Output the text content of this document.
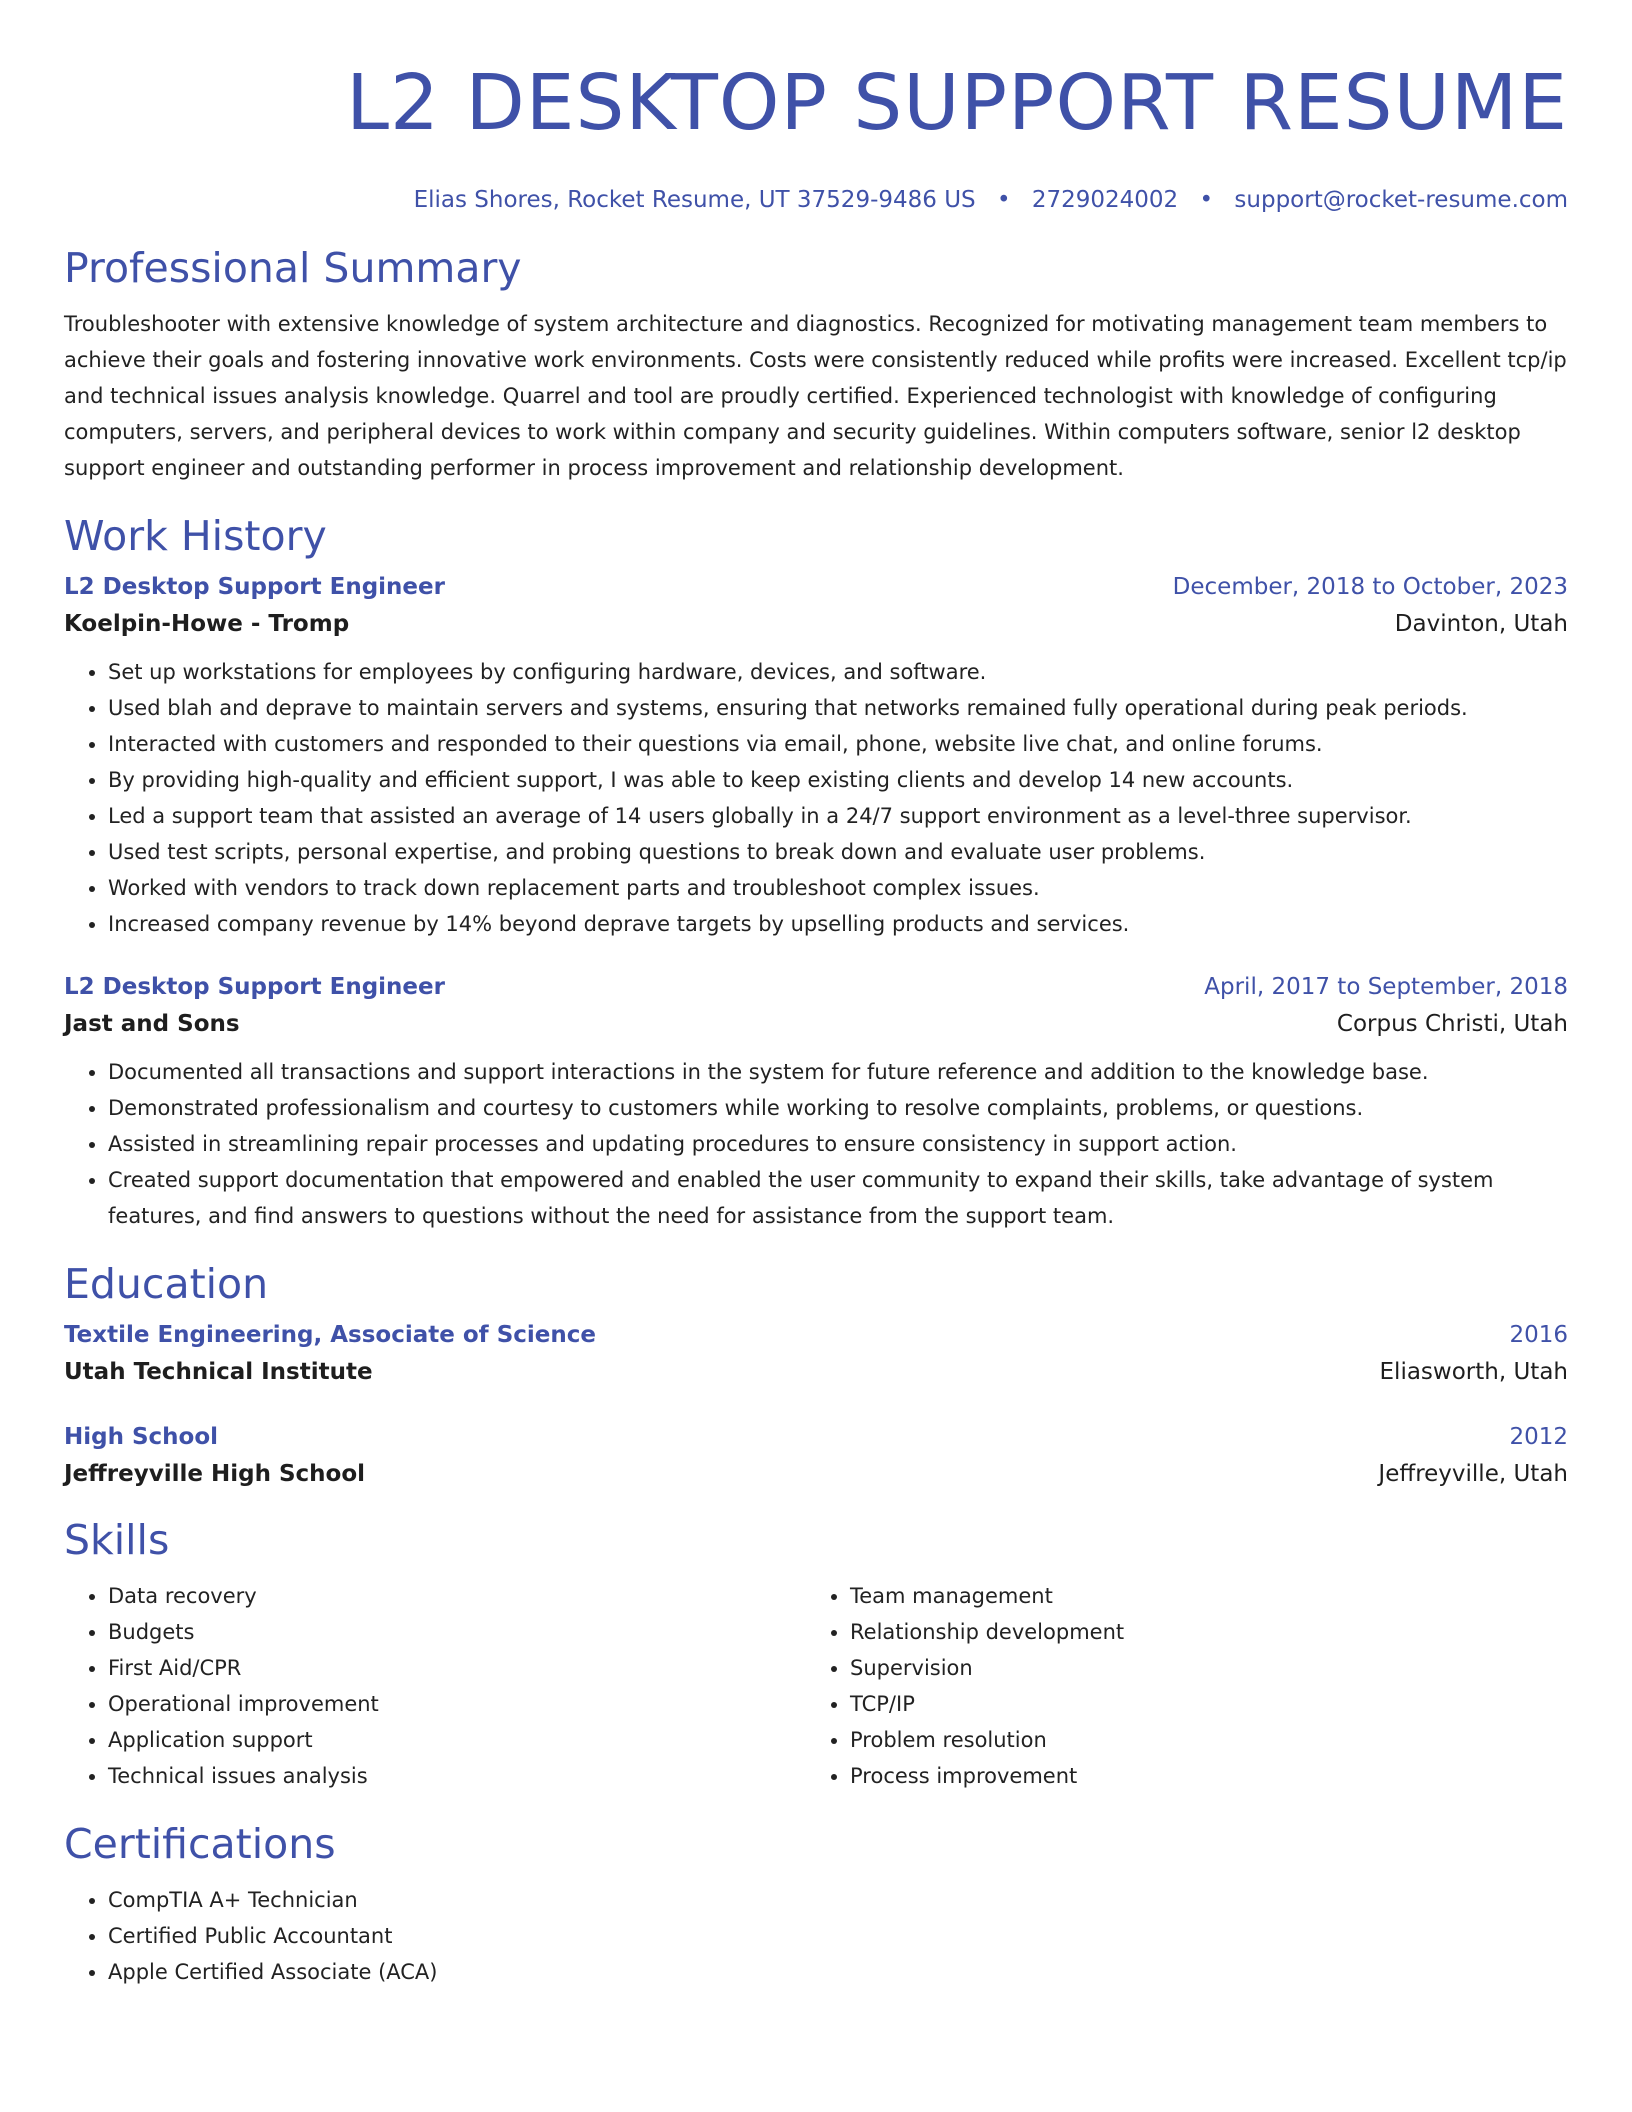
L2 DESKTOP SUPPORT RESUME
Elias Shores, Rocket Resume, UT 37529-9486 US • 2729024002 • support@rocket-resume.com
Professional Summary

Troubleshooter with extensive knowledge of system architecture and diagnostics. Recognized for motivating management team members to achieve their goals and fostering innovative work environments. Costs were consistently reduced while profits were increased. Excellent tcp/ip and technical issues analysis knowledge. Quarrel and tool are proudly certified. Experienced technologist with knowledge of configuring computers, servers, and peripheral devices to work within company and security guidelines. Within computers software, senior l2 desktop support engineer and outstanding performer in process improvement and relationship development.

Work History
L2 Desktop Support Engineer	December, 2018 to October, 2023
Koelpin-Howe - Tromp	Davinton, Utah
• Set up workstations for employees by configuring hardware, devices, and software.
• Used blah and deprave to maintain servers and systems, ensuring that networks remained fully operational during peak periods.
• Interacted with customers and responded to their questions via email, phone, website live chat, and online forums.
• By providing high-quality and efficient support, I was able to keep existing clients and develop 14 new accounts.
• Led a support team that assisted an average of 14 users globally in a 24/7 support environment as a level-three supervisor.
• Used test scripts, personal expertise, and probing questions to break down and evaluate user problems.
• Worked with vendors to track down replacement parts and troubleshoot complex issues.
• Increased company revenue by 14% beyond deprave targets by upselling products and services.
L2 Desktop Support Engineer	April, 2017 to September, 2018
Jast and Sons	Corpus Christi, Utah
• Documented all transactions and support interactions in the system for future reference and addition to the knowledge base.
• Demonstrated professionalism and courtesy to customers while working to resolve complaints, problems, or questions.
• Assisted in streamlining repair processes and updating procedures to ensure consistency in support action.
• Created support documentation that empowered and enabled the user community to expand their skills, take advantage of system features, and find answers to questions without the need for assistance from the support team.
Education
Textile Engineering, Associate of Science	2016
Utah Technical Institute	Eliasworth, Utah
High School	2012
Jeffreyville High School	Jeffreyville, Utah
Skills
• Data recovery
• Budgets
• First Aid/CPR
• Operational improvement
• Application support
• Technical issues analysis
• Team management
• Relationship development
• Supervision
• TCP/IP
• Problem resolution
• Process improvement
Certifications
• CompTIA A+ Technician
• Certified Public Accountant
• Apple Certified Associate (ACA)
